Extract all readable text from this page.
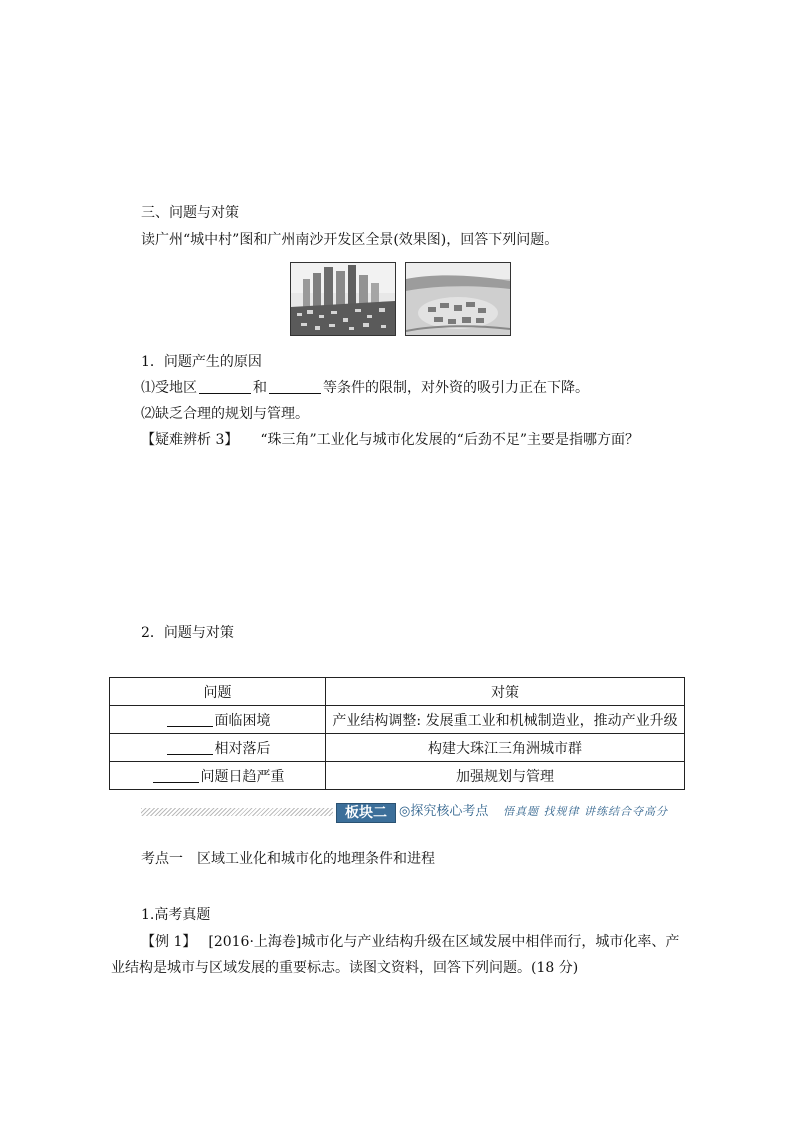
三、问题与对策
读广州“城中村”图和广州南沙开发区全景(效果图)，回答下列问题。
1．问题产生的原因
⑴受地区	和	等条件的限制，对外资的吸引力正在下降。
⑵缺乏合理的规划与管理。
【疑难辨析 3】 “珠三角”工业化与城市化发展的“后劲不足”主要是指哪方面？
2．问题与对策
问题	对策
面临困境	产业结构调整: 发展重工业和机械制造业，推动产业升级
相对落后	构建大珠江三角洲城市群
问题日趋严重	加强规划与管理
板块二 ◎探究核心考点 悟真题 找规律 讲练结合夺高分
考点一　区域工业化和城市化的地理条件和进程
1.高考真题
【例 1】 [2016·上海卷]城市化与产业结构升级在区域发展中相伴而行，城市化率、产
业结构是城市与区域发展的重要标志。读图文资料，回答下列问题。(18 分)
